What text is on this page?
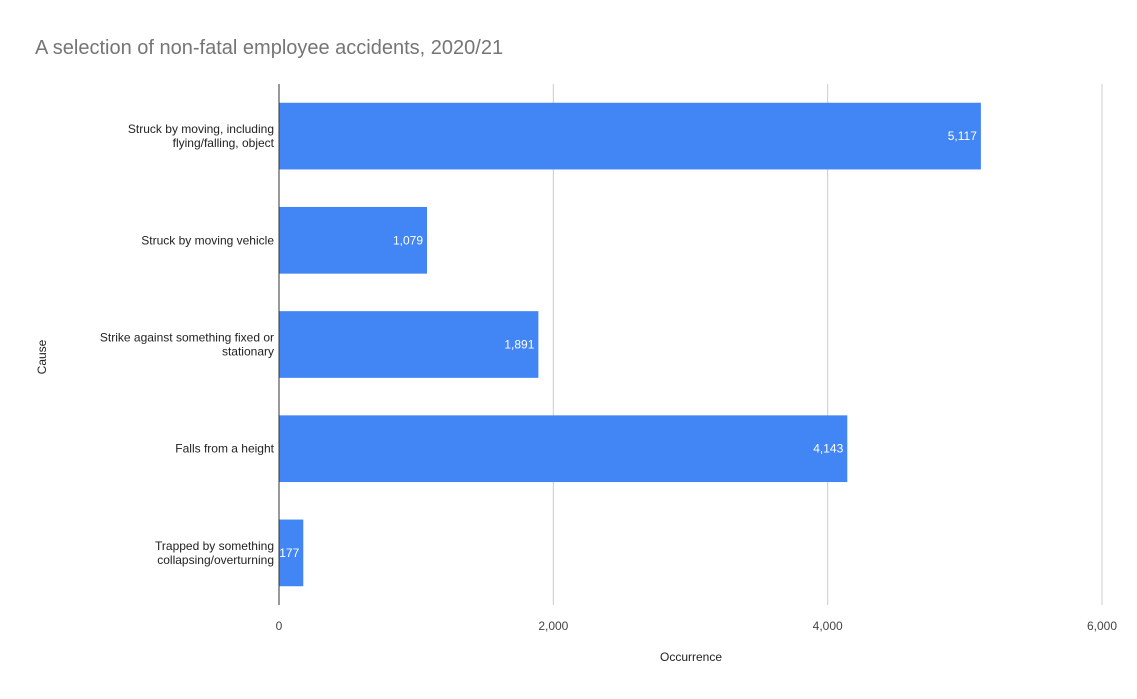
A selection of non-fatal employee accidents, 2020/21
5,117
1,079
1,891
4,143
177
Struck by moving, including flying/falling, object
Struck by moving vehicle
Strike against something fixed or stationary
Falls from a height
Trapped by something collapsing/overturning
0	2,000	4,000	6,000
Occurrence
Cause
